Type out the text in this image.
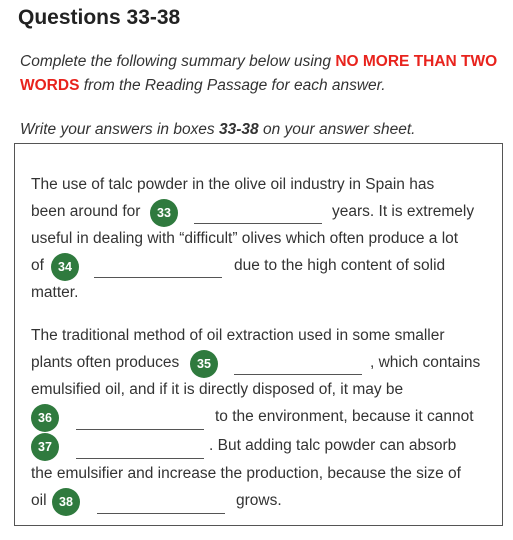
Questions 33-38
Complete the following summary below using NO MORE THAN TWO WORDS from the Reading Passage for each answer.
Write your answers in boxes 33-38 on your answer sheet.
The use of talc powder in the olive oil industry in Spain has
been around for	33	years. It is extremely
useful in dealing with “difficult” olives which often produce a lot
of	34	due to the high content of solid
matter.
The traditional method of oil extraction used in some smaller
plants often produces	35	, which contains
emulsified oil, and if it is directly disposed of, it may be
36	to the environment, because it cannot
37	. But adding talc powder can absorb
the emulsifier and increase the production, because the size of
oil	38	grows.
